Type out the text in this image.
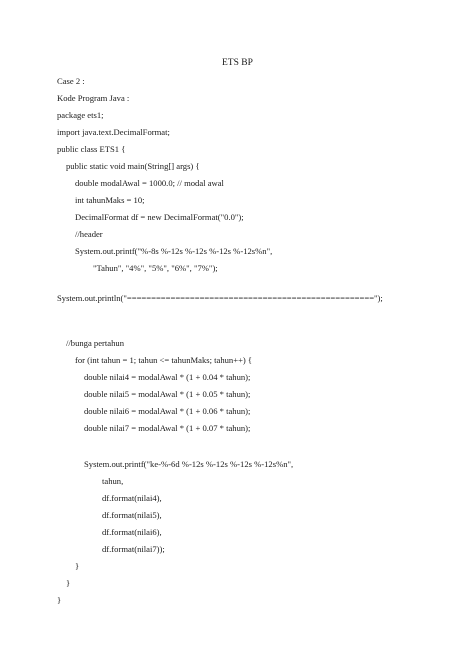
ETS BP
Case 2 :
Kode Program Java :
package ets1;
import java.text.DecimalFormat;
public class ETS1 {
public static void main(String[] args) {
double modalAwal = 1000.0; // modal awal
int tahunMaks = 10;
DecimalFormat df = new DecimalFormat("0.0");
//header
System.out.printf("%-8s %-12s %-12s %-12s %-12s%n",
"Tahun", "4%", "5%", "6%", "7%");
System.out.println("===================================================");
//bunga pertahun
for (int tahun = 1; tahun <= tahunMaks; tahun++) {
double nilai4 = modalAwal * (1 + 0.04 * tahun);
double nilai5 = modalAwal * (1 + 0.05 * tahun);
double nilai6 = modalAwal * (1 + 0.06 * tahun);
double nilai7 = modalAwal * (1 + 0.07 * tahun);
System.out.printf("ke-%-6d %-12s %-12s %-12s %-12s%n",
tahun,
df.format(nilai4),
df.format(nilai5),
df.format(nilai6),
df.format(nilai7));
}
}
}
